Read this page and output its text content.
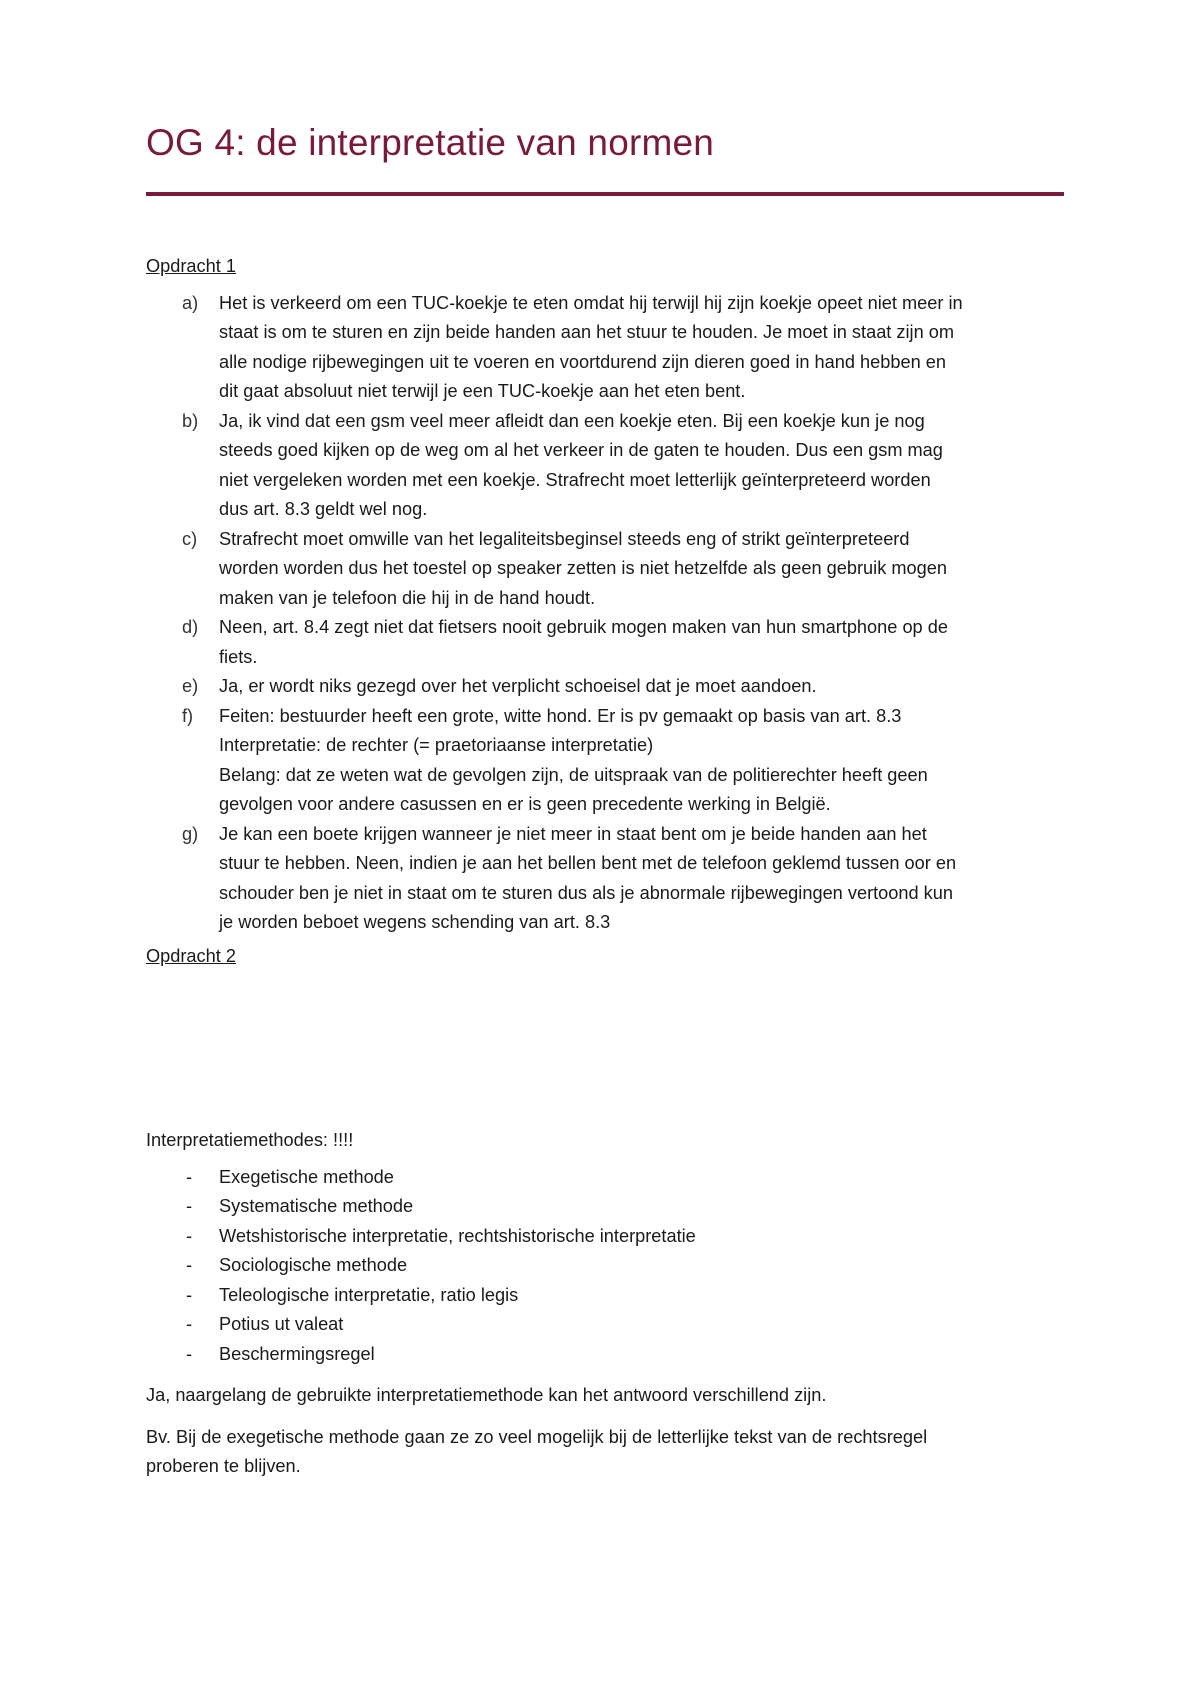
OG 4: de interpretatie van normen

Opdracht 1

a) Het is verkeerd om een TUC-koekje te eten omdat hij terwijl hij zijn koekje opeet niet meer in
staat is om te sturen en zijn beide handen aan het stuur te houden. Je moet in staat zijn om
alle nodige rijbewegingen uit te voeren en voortdurend zijn dieren goed in hand hebben en
dit gaat absoluut niet terwijl je een TUC-koekje aan het eten bent.
b) Ja, ik vind dat een gsm veel meer afleidt dan een koekje eten. Bij een koekje kun je nog
steeds goed kijken op de weg om al het verkeer in de gaten te houden. Dus een gsm mag
niet vergeleken worden met een koekje. Strafrecht moet letterlijk geïnterpreteerd worden
dus art. 8.3 geldt wel nog.
c) Strafrecht moet omwille van het legaliteitsbeginsel steeds eng of strikt geïnterpreteerd
worden worden dus het toestel op speaker zetten is niet hetzelfde als geen gebruik mogen
maken van je telefoon die hij in de hand houdt.
d) Neen, art. 8.4 zegt niet dat fietsers nooit gebruik mogen maken van hun smartphone op de
fiets.
e) Ja, er wordt niks gezegd over het verplicht schoeisel dat je moet aandoen.
f) Feiten: bestuurder heeft een grote, witte hond. Er is pv gemaakt op basis van art. 8.3
Interpretatie: de rechter (= praetoriaanse interpretatie)
Belang: dat ze weten wat de gevolgen zijn, de uitspraak van de politierechter heeft geen
gevolgen voor andere casussen en er is geen precedente werking in België.
g) Je kan een boete krijgen wanneer je niet meer in staat bent om je beide handen aan het
stuur te hebben. Neen, indien je aan het bellen bent met de telefoon geklemd tussen oor en
schouder ben je niet in staat om te sturen dus als je abnormale rijbewegingen vertoond kun
je worden beboet wegens schending van art. 8.3

Opdracht 2

Interpretatiemethodes: !!!!

- Exegetische methode
- Systematische methode
- Wetshistorische interpretatie, rechtshistorische interpretatie
- Sociologische methode
- Teleologische interpretatie, ratio legis
- Potius ut valeat
- Beschermingsregel

Ja, naargelang de gebruikte interpretatiemethode kan het antwoord verschillend zijn.

Bv. Bij de exegetische methode gaan ze zo veel mogelijk bij de letterlijke tekst van de rechtsregel
proberen te blijven.
